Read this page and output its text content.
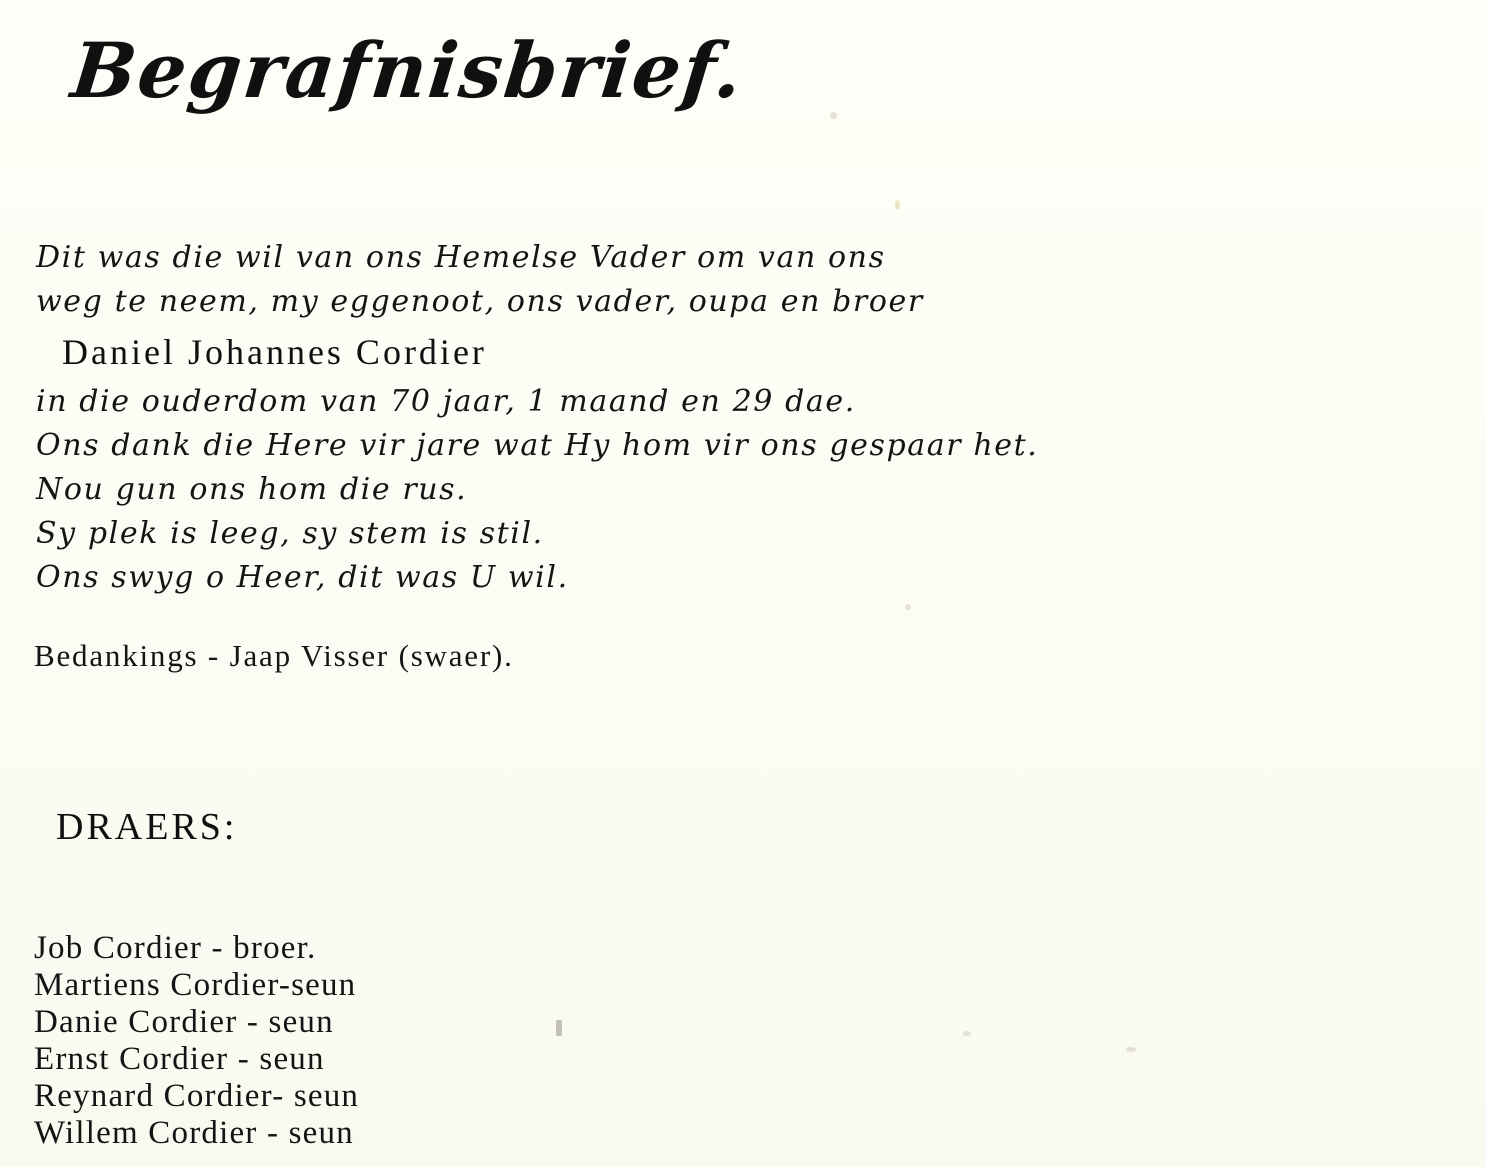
Begrafnisbrief.
Dit was die wil van ons Hemelse Vader om van ons
weg te neem, my eggenoot, ons vader, oupa en broer
Daniel Johannes Cordier
in die ouderdom van 70 jaar, 1 maand en 29 dae.
Ons dank die Here vir jare wat Hy hom vir ons gespaar het.
Nou gun ons hom die rus.
Sy plek is leeg, sy stem is stil.
Ons swyg o Heer, dit was U wil.
Bedankings - Jaap Visser (swaer).
DRAERS:
Job Cordier - broer.
Martiens Cordier-seun
Danie Cordier - seun
Ernst Cordier - seun
Reynard Cordier- seun
Willem Cordier - seun
